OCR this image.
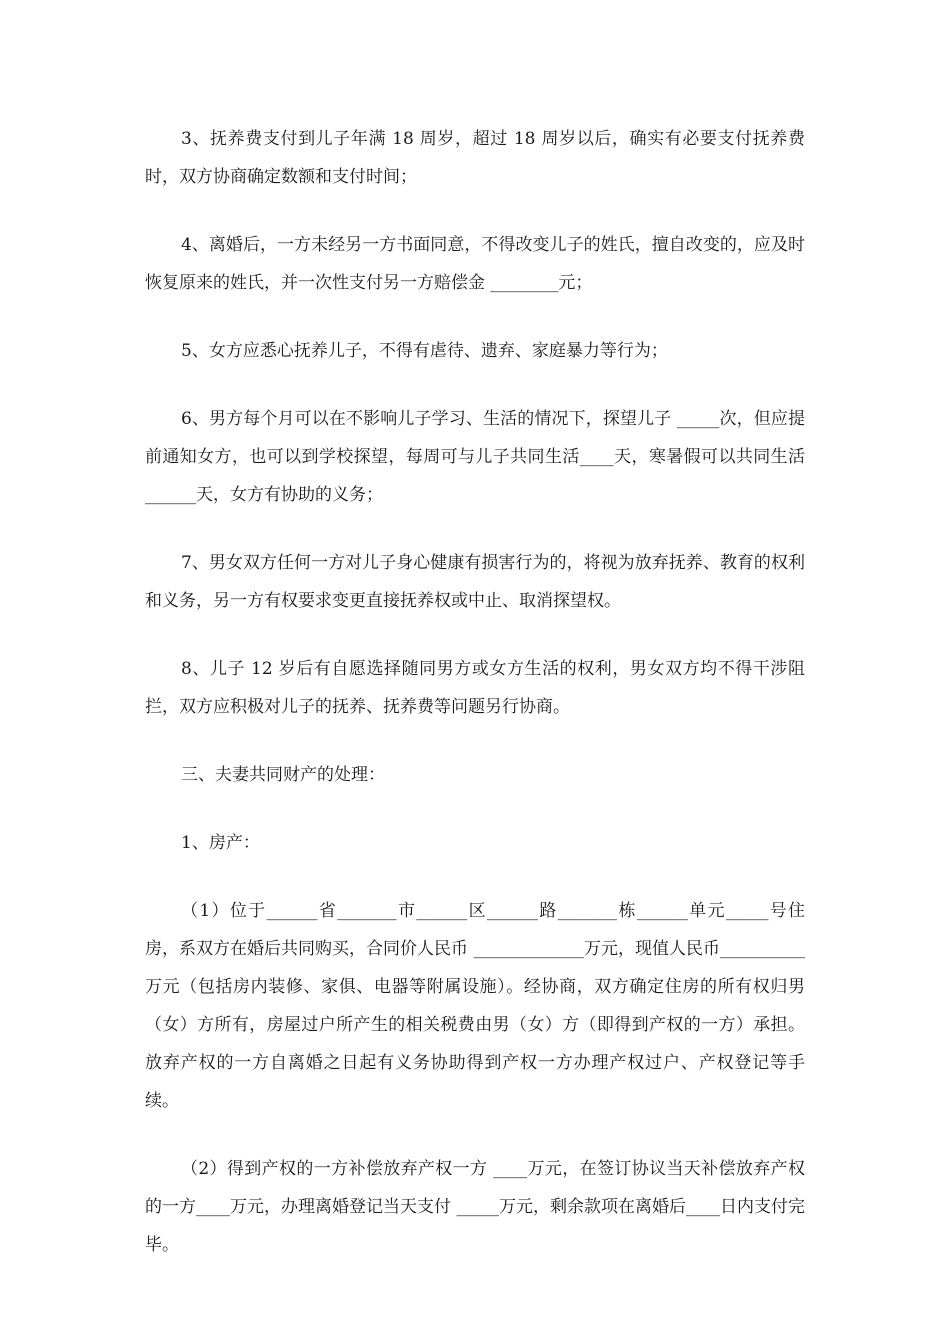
3、抚养费支付到儿子年满 18 周岁，超过 18 周岁以后，确实有必要支付抚养费时，双方协商确定数额和支付时间；

4、离婚后，一方未经另一方书面同意，不得改变儿子的姓氏，擅自改变的，应及时恢复原来的姓氏，并一次性支付另一方赔偿金 ________元；

5、女方应悉心抚养儿子，不得有虐待、遗弃、家庭暴力等行为；

6、男方每个月可以在不影响儿子学习、生活的情况下，探望儿子 _____次，但应提前通知女方，也可以到学校探望，每周可与儿子共同生活____天，寒暑假可以共同生活______天，女方有协助的义务；

7、男女双方任何一方对儿子身心健康有损害行为的，将视为放弃抚养、教育的权利和义务，另一方有权要求变更直接抚养权或中止、取消探望权。

8、儿子 12 岁后有自愿选择随同男方或女方生活的权利，男女双方均不得干涉阻拦，双方应积极对儿子的抚养、抚养费等问题另行协商。

三、夫妻共同财产的处理：

1、房产：

（1）位于______省_______市______区______路_______栋______单元_____号住房，系双方在婚后共同购买，合同价人民币 _____________万元，现值人民币__________万元（包括房内装修、家俱、电器等附属设施）。经协商，双方确定住房的所有权归男（女）方所有，房屋过户所产生的相关税费由男（女）方（即得到产权的一方）承担。放弃产权的一方自离婚之日起有义务协助得到产权一方办理产权过户、产权登记等手续。

（2）得到产权的一方补偿放弃产权一方 ____万元，在签订协议当天补偿放弃产权的一方____万元，办理离婚登记当天支付 _____万元，剩余款项在离婚后____日内支付完毕。
